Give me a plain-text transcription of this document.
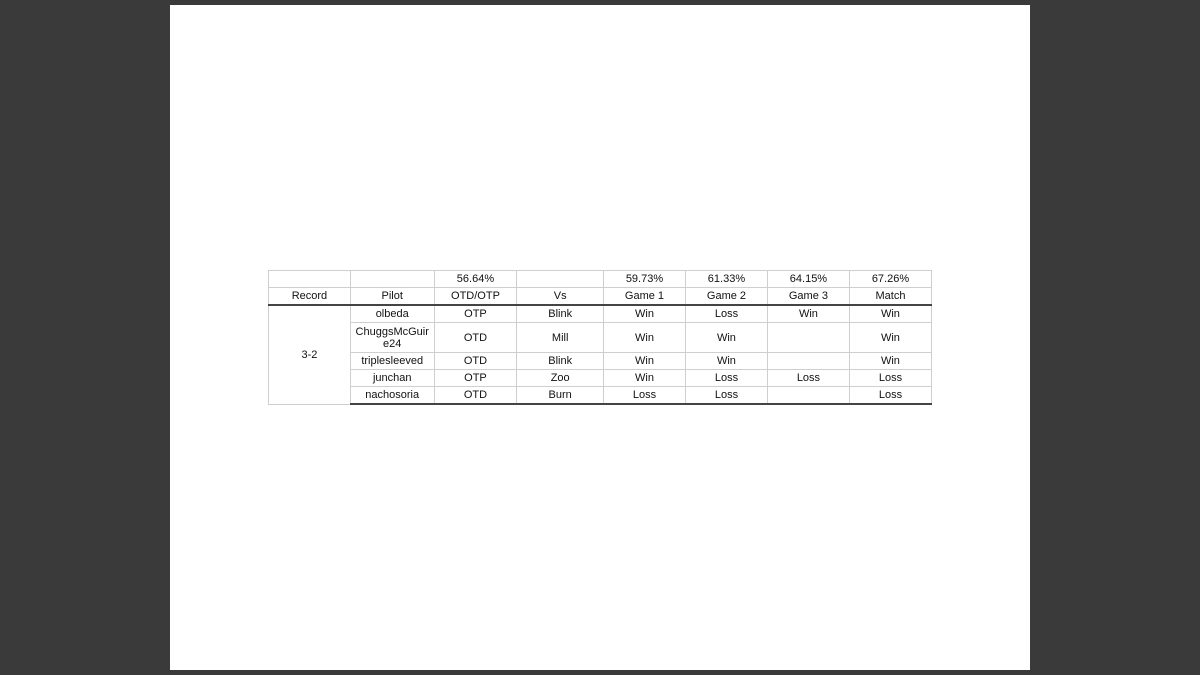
		56.64%		59.73%	61.33%	64.15%	67.26%
Record	Pilot	OTD/OTP	Vs	Game 1	Game 2	Game 3	Match
3-2	olbeda	OTP	Blink	Win	Loss	Win	Win
	ChuggsMcGuire24	OTD	Mill	Win	Win		Win
	triplesleeved	OTD	Blink	Win	Win		Win
	junchan	OTP	Zoo	Win	Loss	Loss	Loss
	nachosoria	OTD	Burn	Loss	Loss		Loss
